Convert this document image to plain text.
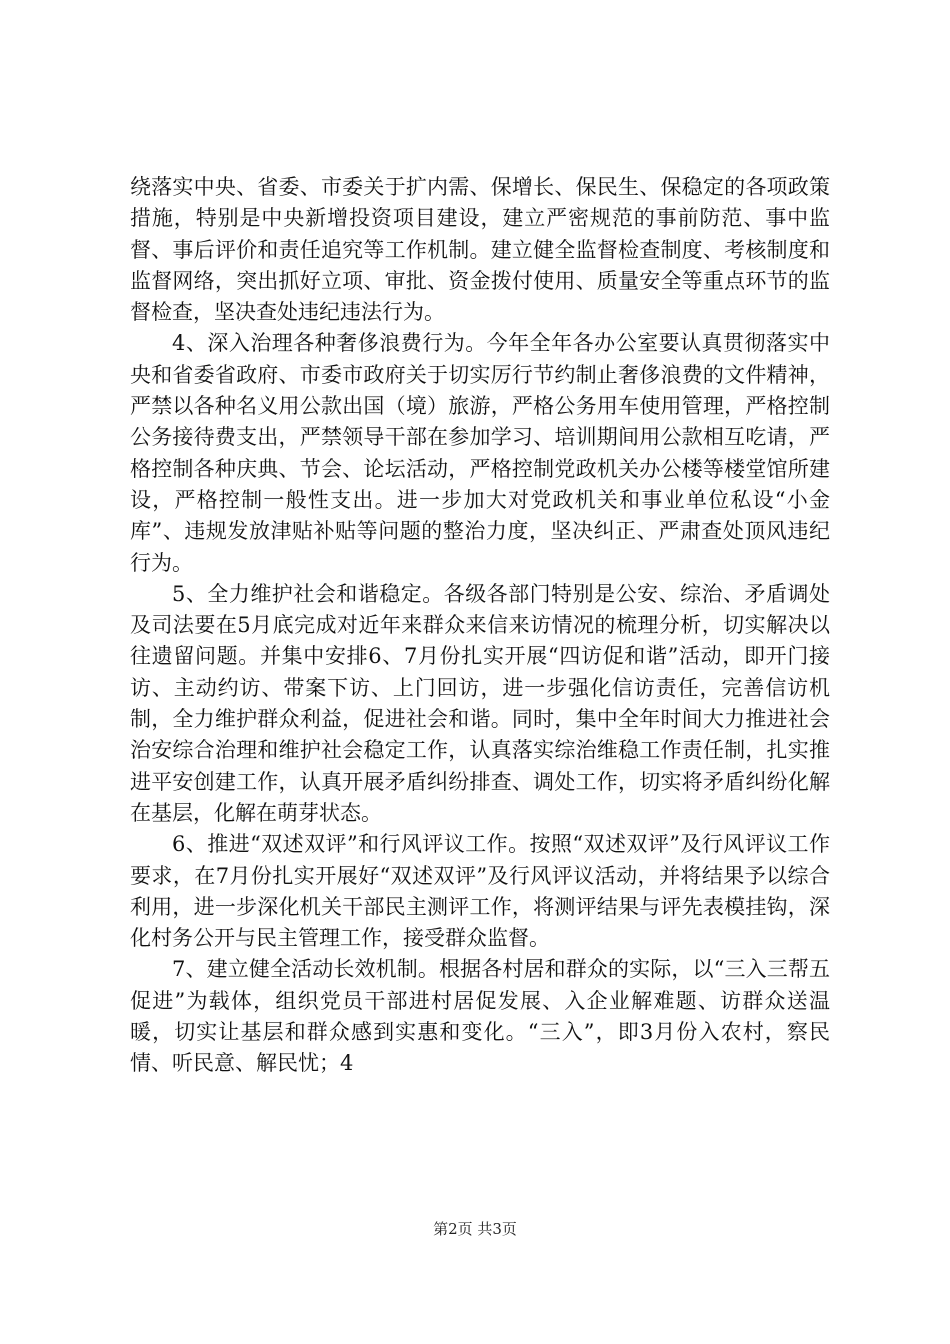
绕落实中央、省委、市委关于扩内需、保增长、保民生、保稳定的各项政策措施，特别是中央新增投资项目建设，建立严密规范的事前防范、事中监督、事后评价和责任追究等工作机制。建立健全监督检查制度、考核制度和监督网络，突出抓好立项、审批、资金拨付使用、质量安全等重点环节的监督检查，坚决查处违纪违法行为。

4、深入治理各种奢侈浪费行为。今年全年各办公室要认真贯彻落实中央和省委省政府、市委市政府关于切实厉行节约制止奢侈浪费的文件精神，严禁以各种名义用公款出国（境）旅游，严格公务用车使用管理，严格控制公务接待费支出，严禁领导干部在参加学习、培训期间用公款相互吃请，严格控制各种庆典、节会、论坛活动，严格控制党政机关办公楼等楼堂馆所建设，严格控制一般性支出。进一步加大对党政机关和事业单位私设“小金库”、违规发放津贴补贴等问题的整治力度，坚决纠正、严肃查处顶风违纪行为。

5、全力维护社会和谐稳定。各级各部门特别是公安、综治、矛盾调处及司法要在5月底完成对近年来群众来信来访情况的梳理分析，切实解决以往遗留问题。并集中安排6、7月份扎实开展“四访促和谐”活动，即开门接访、主动约访、带案下访、上门回访，进一步强化信访责任，完善信访机制，全力维护群众利益，促进社会和谐。同时，集中全年时间大力推进社会治安综合治理和维护社会稳定工作，认真落实综治维稳工作责任制，扎实推进平安创建工作，认真开展矛盾纠纷排查、调处工作，切实将矛盾纠纷化解在基层，化解在萌芽状态。

6、推进“双述双评”和行风评议工作。按照“双述双评”及行风评议工作要求，在7月份扎实开展好“双述双评”及行风评议活动，并将结果予以综合利用，进一步深化机关干部民主测评工作，将测评结果与评先表模挂钩，深化村务公开与民主管理工作，接受群众监督。

7、建立健全活动长效机制。根据各村居和群众的实际，以“三入三帮五促进”为载体，组织党员干部进村居促发展、入企业解难题、访群众送温暖，切实让基层和群众感到实惠和变化。“三入”，即3月份入农村，察民情、听民意、解民忧；4

第2页 共3页
